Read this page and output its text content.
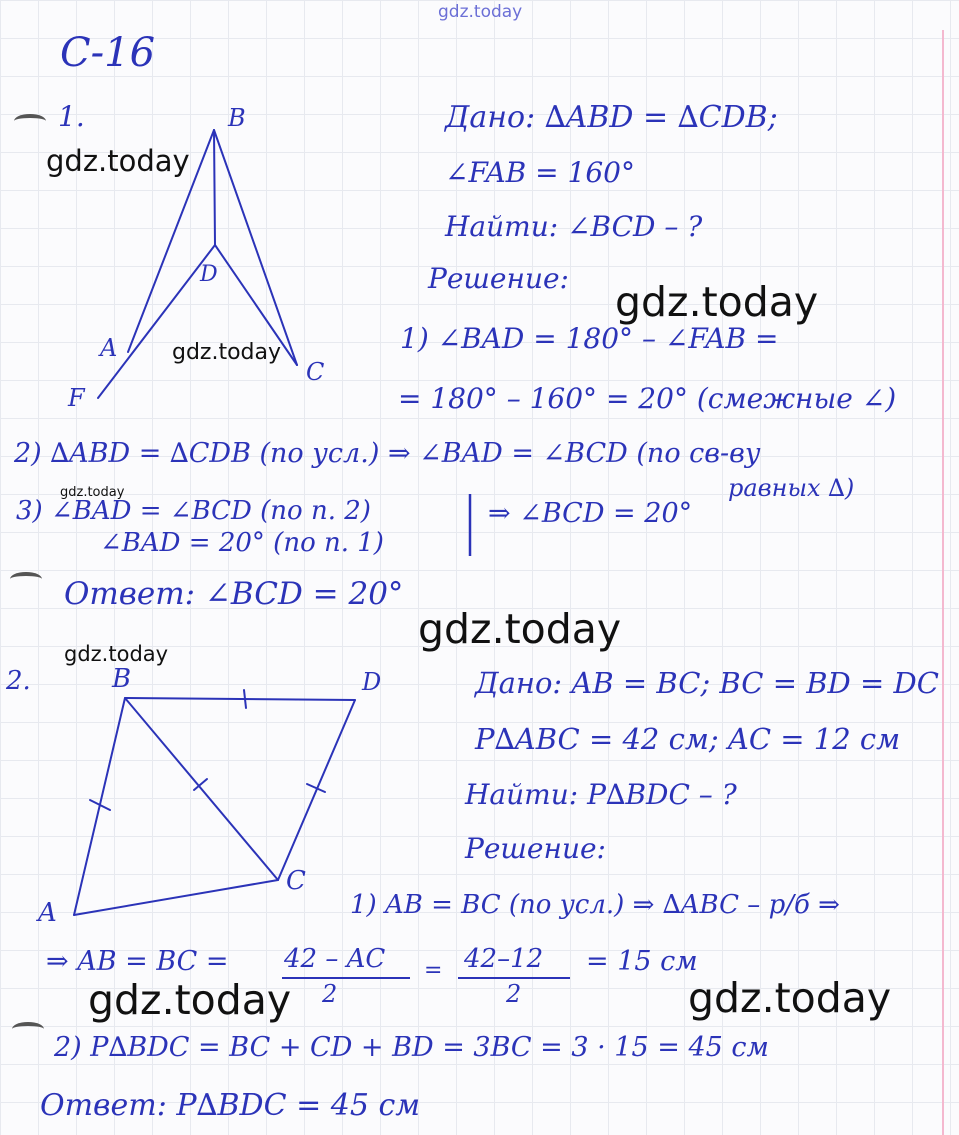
gdz.today
gdz.today
gdz.today
gdz.today
gdz.today
gdz.today
gdz.today
gdz.today	gdz.today
С-16
1.	B
D
A
C
F
Дано: ∆ABD = ∆CDB;
∠FAB = 160°
Найти: ∠BCD – ?
Решение:
1) ∠BAD = 180° – ∠FAB =
= 180° – 160° = 20° (смежные ∠)
2) ∆ABD = ∆CDB (по усл.) ⇒ ∠BAD = ∠BCD (по св-ву
равных ∆)
3) ∠BAD = ∠BCD (по п. 2)
∠BAD = 20° (по п. 1)
⇒ ∠BCD = 20°
Ответ: ∠BCD = 20°
2.	B	D
C
A
Дано: AB = BC; BC = BD = DC
P∆ABC = 42 см; AC = 12 см
Найти: P∆BDC – ?
Решение:
1) AB = BC (по усл.) ⇒ ∆ABC – р/б ⇒
⇒ AB = BC = 42 – AC
2
= 42–12
2
= 15 см
2) P∆BDC = BC + CD + BD = 3BC = 3 · 15 = 45 см
Ответ: P∆BDC = 45 см
